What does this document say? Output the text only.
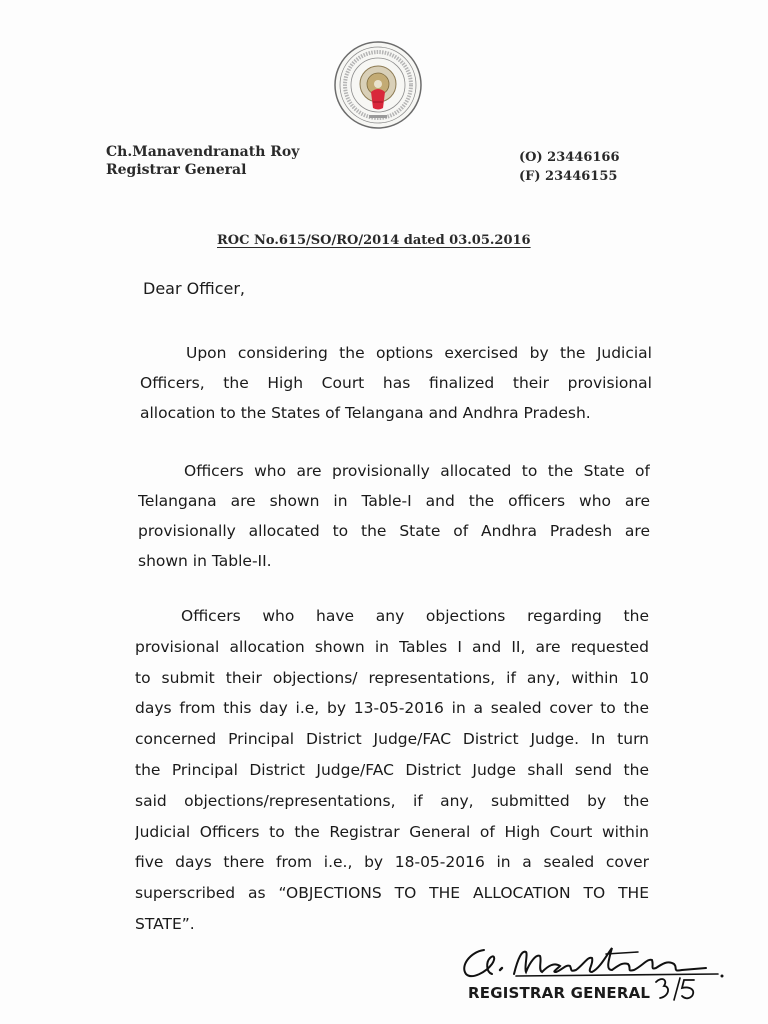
Ch.Manavendranath Roy
Registrar General
(O) 23446166
(F) 23446155
ROC No.615/SO/RO/2014 dated 03.05.2016
Dear Officer,
Upon considering the options exercised by the Judicial
Officers, the High Court has finalized their provisional
allocation to the States of Telangana and Andhra Pradesh.
Officers who are provisionally allocated to the State of
Telangana are shown in Table-I and the officers who are
provisionally allocated to the State of Andhra Pradesh are
shown in Table-II.
Officers who have any objections regarding the
provisional allocation shown in Tables I and II, are requested
to submit their objections/ representations, if any, within 10
days from this day i.e, by 13-05-2016 in a sealed cover to the
concerned Principal District Judge/FAC District Judge. In turn
the Principal District Judge/FAC District Judge shall send the
said objections/representations, if any, submitted by the
Judicial Officers to the Registrar General of High Court within
five days there from i.e., by 18-05-2016 in a sealed cover
superscribed as “OBJECTIONS TO THE ALLOCATION TO THE
STATE”.
REGISTRAR GENERAL
